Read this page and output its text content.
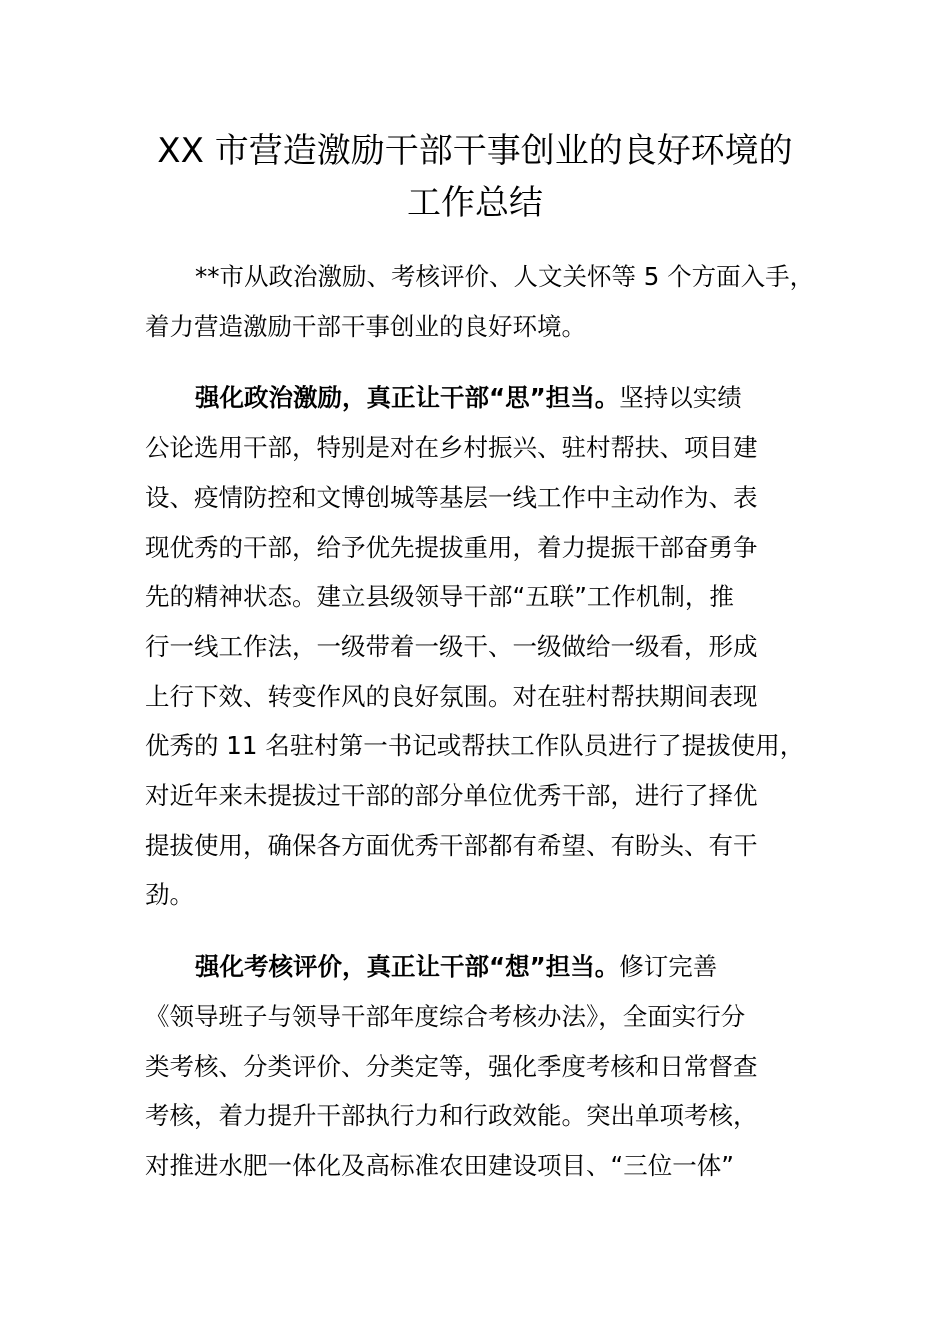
XX 市营造激励干部干事创业的良好环境的
工作总结

**市从政治激励、考核评价、人文关怀等 5 个方面入手，
着力营造激励干部干事创业的良好环境。

强化政治激励，真正让干部“思”担当。坚持以实绩
公论选用干部，特别是对在乡村振兴、驻村帮扶、项目建
设、疫情防控和文博创城等基层一线工作中主动作为、表
现优秀的干部，给予优先提拔重用，着力提振干部奋勇争
先的精神状态。建立县级领导干部“五联”工作机制，推
行一线工作法，一级带着一级干、一级做给一级看，形成
上行下效、转变作风的良好氛围。对在驻村帮扶期间表现
优秀的 11 名驻村第一书记或帮扶工作队员进行了提拔使用，
对近年来未提拔过干部的部分单位优秀干部，进行了择优
提拔使用，确保各方面优秀干部都有希望、有盼头、有干
劲。

强化考核评价，真正让干部“想”担当。修订完善
《领导班子与领导干部年度综合考核办法》，全面实行分
类考核、分类评价、分类定等，强化季度考核和日常督查
考核，着力提升干部执行力和行政效能。突出单项考核，
对推进水肥一体化及高标准农田建设项目、“三位一体”
